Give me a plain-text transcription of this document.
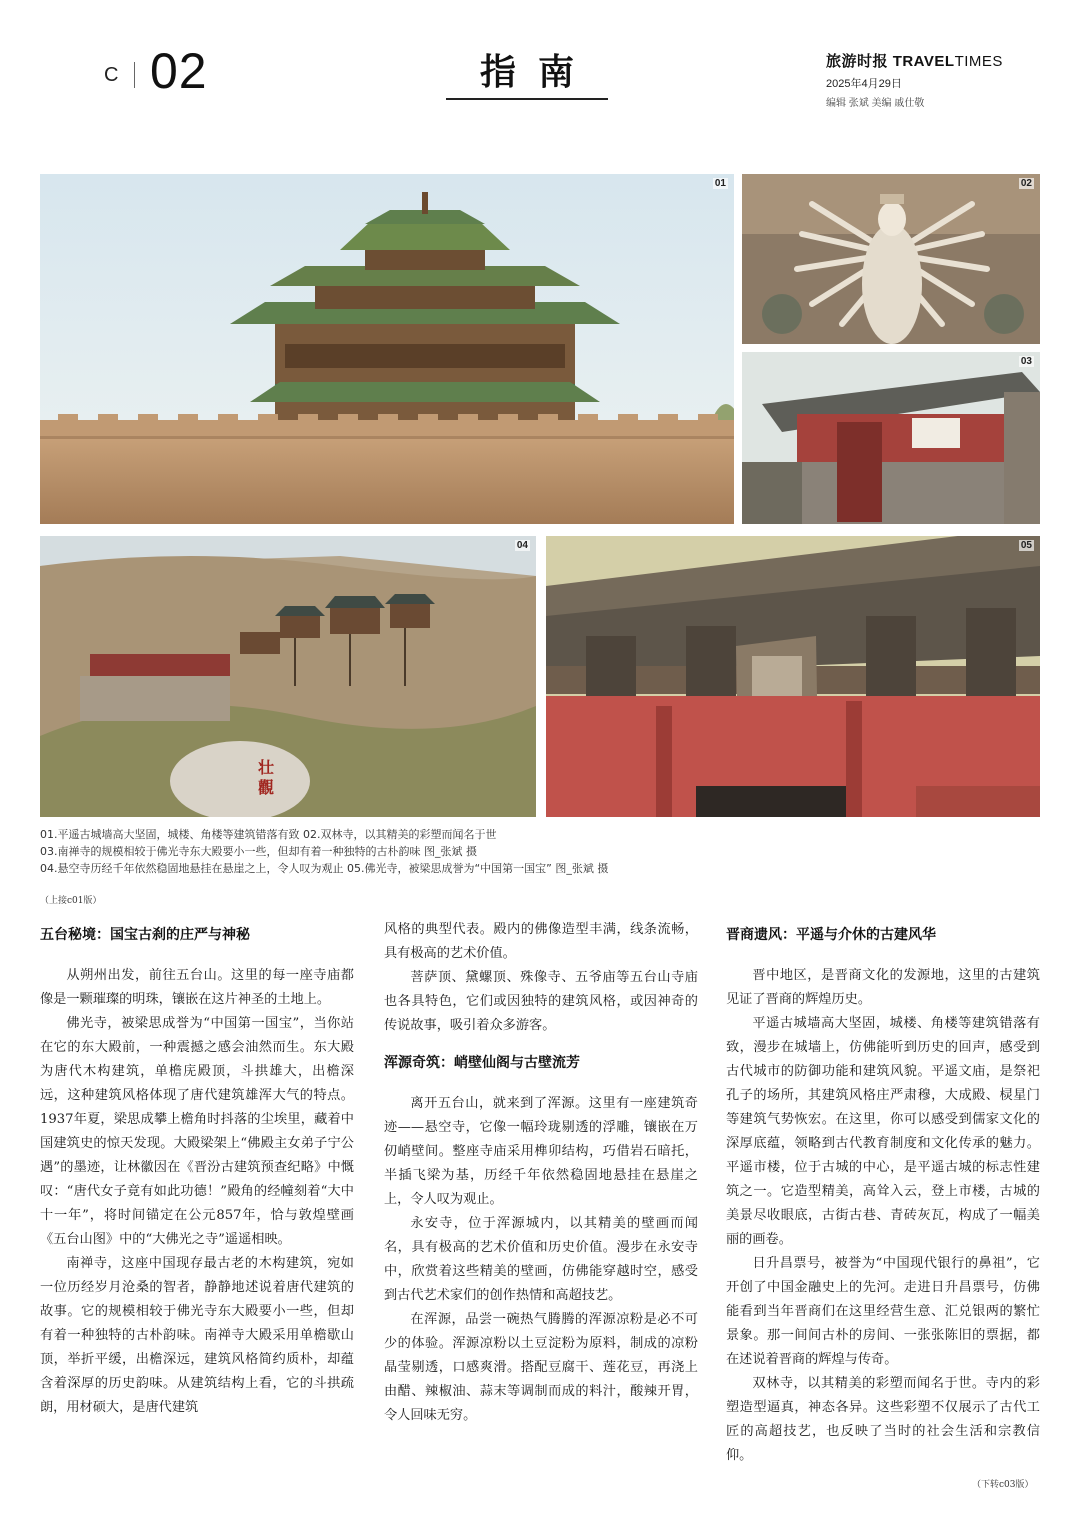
C 02	指南	旅游时报 TRAVELTIMES
2025年4月29日
编辑 张斌 美编 戚仕敬
01	02
03
04
壮觀
05
01.平遥古城墙高大坚固，城楼、角楼等建筑错落有致 02.双林寺，以其精美的彩塑而闻名于世
03.南禅寺的规模相较于佛光寺东大殿要小一些，但却有着一种独特的古朴韵味 图_张斌 摄
04.悬空寺历经千年依然稳固地悬挂在悬崖之上，令人叹为观止 05.佛光寺，被梁思成誉为“中国第一国宝” 图_张斌 摄
（上接c01版）
五台秘境：国宝古刹的庄严与神秘

从朔州出发，前往五台山。这里的每一座寺庙都像是一颗璀璨的明珠，镶嵌在这片神圣的土地上。

佛光寺，被梁思成誉为“中国第一国宝”，当你站在它的东大殿前，一种震撼之感会油然而生。东大殿为唐代木构建筑，单檐庑殿顶，斗拱雄大，出檐深远，这种建筑风格体现了唐代建筑雄浑大气的特点。1937年夏，梁思成攀上檐角时抖落的尘埃里，藏着中国建筑史的惊天发现。大殿梁架上“佛殿主女弟子宁公遇”的墨迹，让林徽因在《晋汾古建筑预查纪略》中慨叹：“唐代女子竟有如此功德！”殿角的经幢刻着“大中十一年”，将时间锚定在公元857年，恰与敦煌壁画《五台山图》中的“大佛光之寺”遥遥相映。

南禅寺，这座中国现存最古老的木构建筑，宛如一位历经岁月沧桑的智者，静静地述说着唐代建筑的故事。它的规模相较于佛光寺东大殿要小一些，但却有着一种独特的古朴韵味。南禅寺大殿采用单檐歇山顶，举折平缓，出檐深远，建筑风格简约质朴，却蕴含着深厚的历史韵味。从建筑结构上看，它的斗拱疏朗，用材硕大，是唐代建筑

风格的典型代表。殿内的佛像造型丰满，线条流畅，具有极高的艺术价值。

菩萨顶、黛螺顶、殊像寺、五爷庙等五台山寺庙也各具特色，它们或因独特的建筑风格，或因神奇的传说故事，吸引着众多游客。

浑源奇筑：峭壁仙阁与古壁流芳

离开五台山，就来到了浑源。这里有一座建筑奇迹——悬空寺，它像一幅玲珑剔透的浮雕，镶嵌在万仞峭壁间。整座寺庙采用榫卯结构，巧借岩石暗托，半插飞梁为基，历经千年依然稳固地悬挂在悬崖之上，令人叹为观止。

永安寺，位于浑源城内，以其精美的壁画而闻名，具有极高的艺术价值和历史价值。漫步在永安寺中，欣赏着这些精美的壁画，仿佛能穿越时空，感受到古代艺术家们的创作热情和高超技艺。

在浑源，品尝一碗热气腾腾的浑源凉粉是必不可少的体验。浑源凉粉以土豆淀粉为原料，制成的凉粉晶莹剔透，口感爽滑。搭配豆腐干、莲花豆，再浇上由醋、辣椒油、蒜末等调制而成的料汁，酸辣开胃，令人回味无穷。

晋商遗风：平遥与介休的古建风华

晋中地区，是晋商文化的发源地，这里的古建筑见证了晋商的辉煌历史。

平遥古城墙高大坚固，城楼、角楼等建筑错落有致，漫步在城墙上，仿佛能听到历史的回声，感受到古代城市的防御功能和建筑风貌。平遥文庙，是祭祀孔子的场所，其建筑风格庄严肃穆，大成殿、棂星门等建筑气势恢宏。在这里，你可以感受到儒家文化的深厚底蕴，领略到古代教育制度和文化传承的魅力。平遥市楼，位于古城的中心，是平遥古城的标志性建筑之一。它造型精美，高耸入云，登上市楼，古城的美景尽收眼底，古街古巷、青砖灰瓦，构成了一幅美丽的画卷。

日升昌票号，被誉为“中国现代银行的鼻祖”，它开创了中国金融史上的先河。走进日升昌票号，仿佛能看到当年晋商们在这里经营生意、汇兑银两的繁忙景象。那一间间古朴的房间、一张张陈旧的票据，都在述说着晋商的辉煌与传奇。

双林寺，以其精美的彩塑而闻名于世。寺内的彩塑造型逼真，神态各异。这些彩塑不仅展示了古代工匠的高超技艺，也反映了当时的社会生活和宗教信仰。

（下转c03版）
